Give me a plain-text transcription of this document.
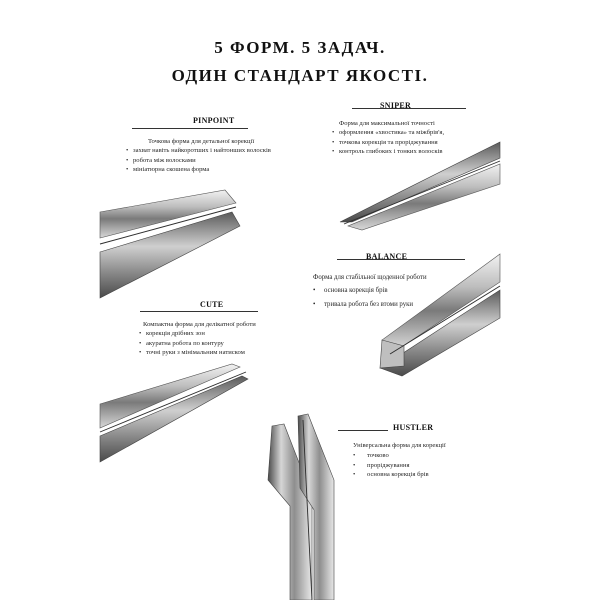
5 ФОРМ. 5 ЗАДАЧ.
ОДИН СТАНДАРТ ЯКОСТІ.
PINPOINT
Точкова форма для детальної корекції
• захват навіть найкоротших і найтонших волосків
• робота між волосками
• мініатюрна скошена форма
SNIPER
Форма для максимальної точності
• оформлення «хвостика» та міжбрів'я,
• точкова корекція та проріджування
• контроль глибоких і тонких волосків
BALANCE
Форма для стабільної щоденної роботи
• основна корекція брів
• тривала робота без втоми руки
CUTE
Компактна форма для делікатної роботи
• корекція дрібних зон
• акуратна робота по контуру
• точні руки з мінімальним натиском
HUSTLER
Універсальна форма для корекції
• точково
• проріджування
• основна корекція брів
